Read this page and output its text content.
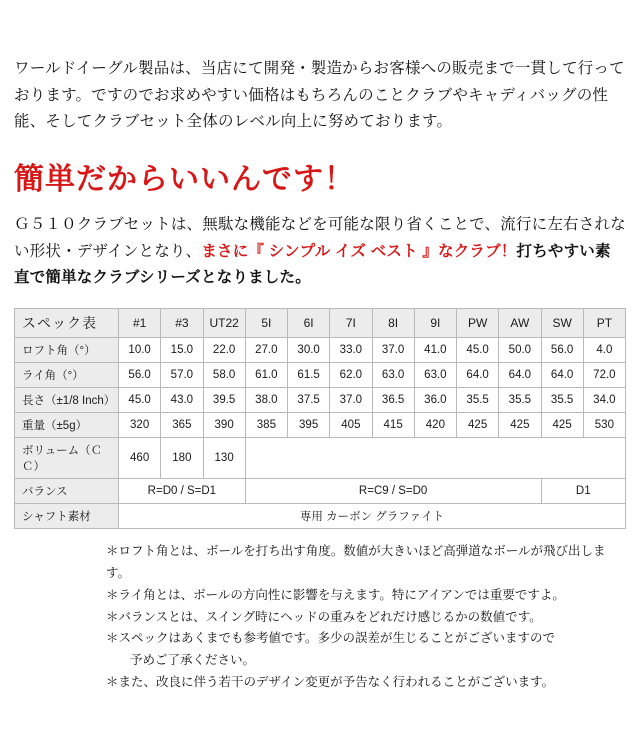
ワールドイーグル製品は、当店にて開発・製造からお客様への販売まで一貫して行っております。ですのでお求めやすい価格はもちろんのことクラブやキャディバッグの性能、そしてクラブセット全体のレベル向上に努めております。

簡単だからいいんです！
Ｇ５１０クラブセットは、無駄な機能などを可能な限り省くことで、流行に左右されない形状・デザインとなり、まさに『 シンプル イズ ベスト 』なクラブ！打ちやすい素直で簡単なクラブシリーズとなりました。
スペック表	#1	#3	UT22	5I	6I	7I	8I	9I	PW	AW	SW	PT
ロフト角（°）	10.0	15.0	22.0	27.0	30.0	33.0	37.0	41.0	45.0	50.0	56.0	4.0
ライ角（°）	56.0	57.0	58.0	61.0	61.5	62.0	63.0	63.0	64.0	64.0	64.0	72.0
長さ（±1/8 Inch）	45.0	43.0	39.5	38.0	37.5	37.0	36.5	36.0	35.5	35.5	35.5	34.0
重量（±5g）	320	365	390	385	395	405	415	420	425	425	425	530
ボリューム（ＣＣ）	460	180	130									
バランス	R=D0 / S=D1			R=C9 / S=D0							D1	
シャフト素材	専用 カーボン グラファイト											
＊ロフト角とは、ボールを打ち出す角度。数値が大きいほど高弾道なボールが飛び出します。
＊ライ角とは、ボールの方向性に影響を与えます。特にアイアンでは重要ですよ。
＊バランスとは、スイング時にヘッドの重みをどれだけ感じるかの数値です。
＊スペックはあくまでも参考値です。多少の誤差が生じることがございますので
予めご了承ください。
＊また、改良に伴う若干のデザイン変更が予告なく行われることがございます。
